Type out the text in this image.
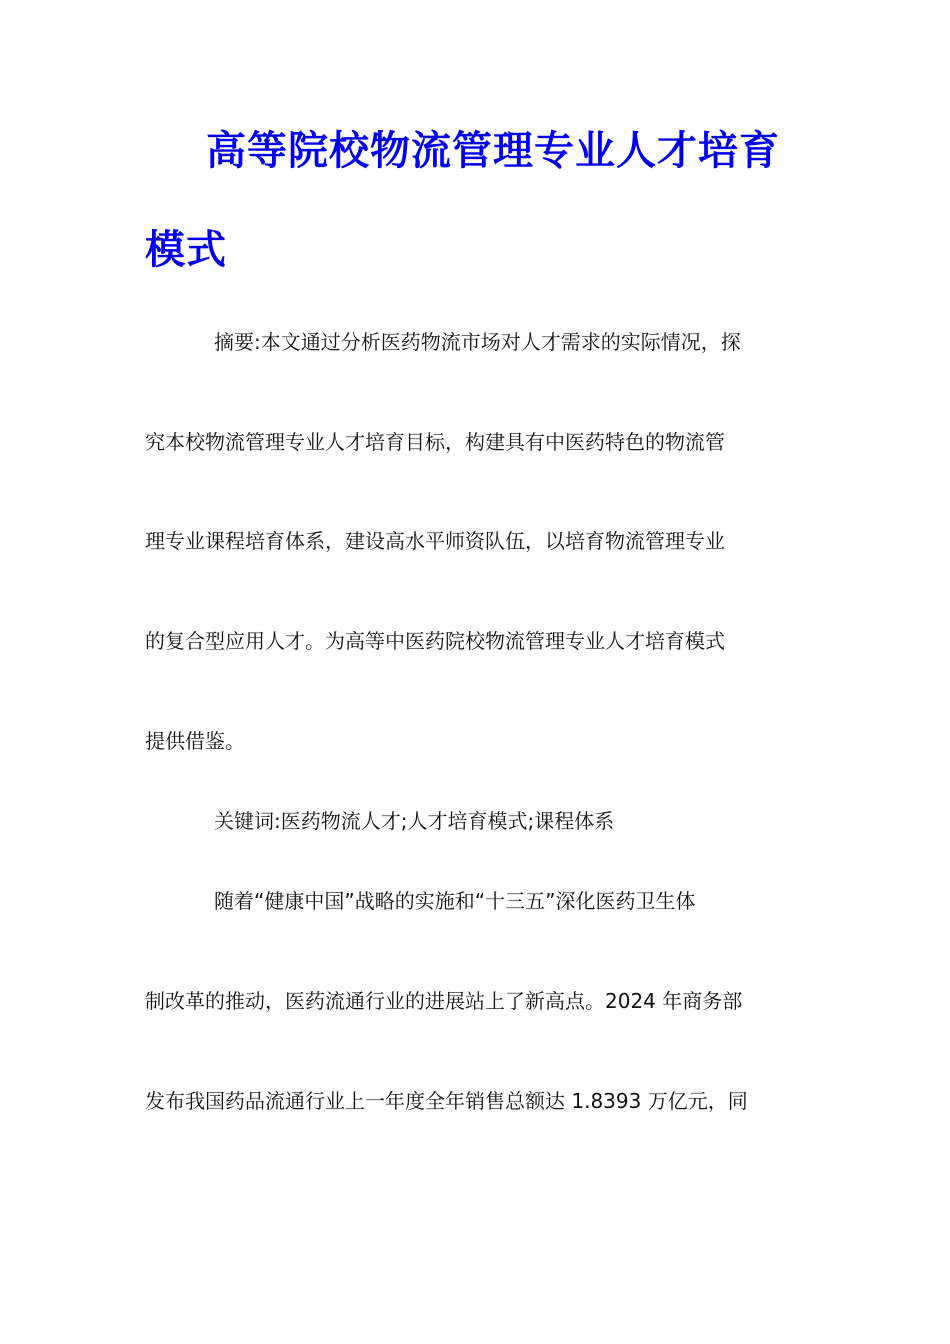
高等院校物流管理专业人才培育
模式
摘要:本文通过分析医药物流市场对人才需求的实际情况，探
究本校物流管理专业人才培育目标，构建具有中医药特色的物流管
理专业课程培育体系，建设高水平师资队伍，以培育物流管理专业
的复合型应用人才。为高等中医药院校物流管理专业人才培育模式
提供借鉴。
关键词:医药物流人才;人才培育模式;课程体系
随着“健康中国”战略的实施和“十三五”深化医药卫生体
制改革的推动，医药流通行业的进展站上了新高点。2024 年商务部
发布我国药品流通行业上一年度全年销售总额达 1.8393 万亿元，同
